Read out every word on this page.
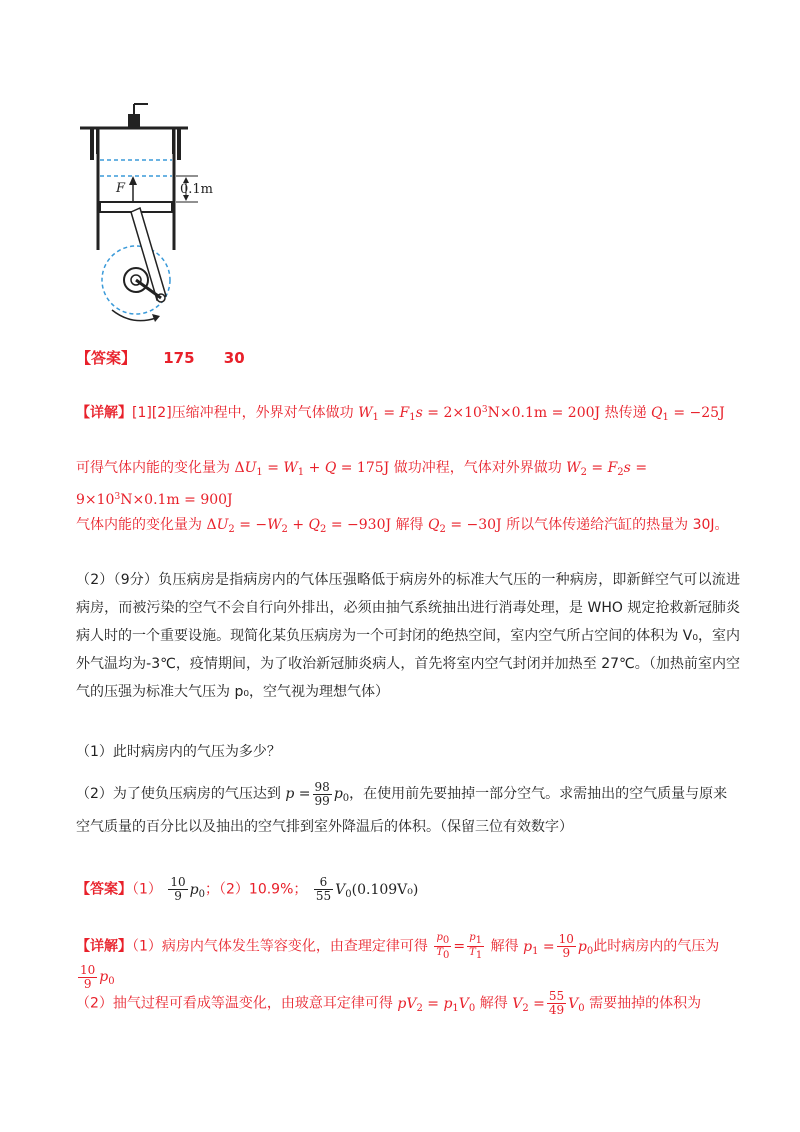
F	0.1m
【答案】 175 30
【详解】[1][2]压缩冲程中，外界对气体做功 $W_1 = F_1s = 2\times 10^3N\times 0.1m = 200J$ 热传递 $Q_1 = -25J$
可得气体内能的变化量为 $\Delta U_1 = W_1 + Q = 175J$ 做功冲程，气体对外界做功 $W_2 = F_2s = 9\times 10^3N\times 0.1m = 900J$
气体内能的变化量为 $\Delta U_2 = -W_2 + Q_2 = -930J$ 解得 $Q_2 = -30J$ 所以气体传递给汽缸的热量为 30J。
（2）（9分）负压病房是指病房内的气体压强略低于病房外的标准大气压的一种病房，即新鲜空气可以流进病房，而被污染的空气不会自行向外排出，必须由抽气系统抽出进行消毒处理，是 WHO 规定抢救新冠肺炎病人时的一个重要设施。现简化某负压病房为一个可封闭的绝热空间，室内空气所占空间的体积为 V₀，室内外气温均为-3℃，疫情期间，为了收治新冠肺炎病人，首先将室内空气封闭并加热至 27℃。（加热前室内空气的压强为标准大气压为 p₀，空气视为理想气体）
（1）此时病房内的气压为多少？
（2）为了使负压病房的气压达到 $p = \frac{98}{99} p_0$，在使用前先要抽掉一部分空气。求需抽出的空气质量与原来空气质量的百分比以及抽出的空气排到室外降温后的体积。（保留三位有效数字）
【答案】$(1) \frac{10}{9} p_0$；（2）10.9%； $\frac{6}{55} V_0(0.109V_0)$
【详解】（1）病房内气体发生等容变化，由查理定律可得 $\frac{p_0}{T_0} = \frac{p_1}{T_1}$ 解得 $p_1 = \frac{10}{9} p_0$此时病房内的气压为
$\frac{10}{9} p_0$
（2）抽气过程可看成等温变化，由玻意耳定律可得 $pV_2 = p_1V_0$ 解得 $V_2 = \frac{55}{49} V_0$ 需要抽掉的体积为
